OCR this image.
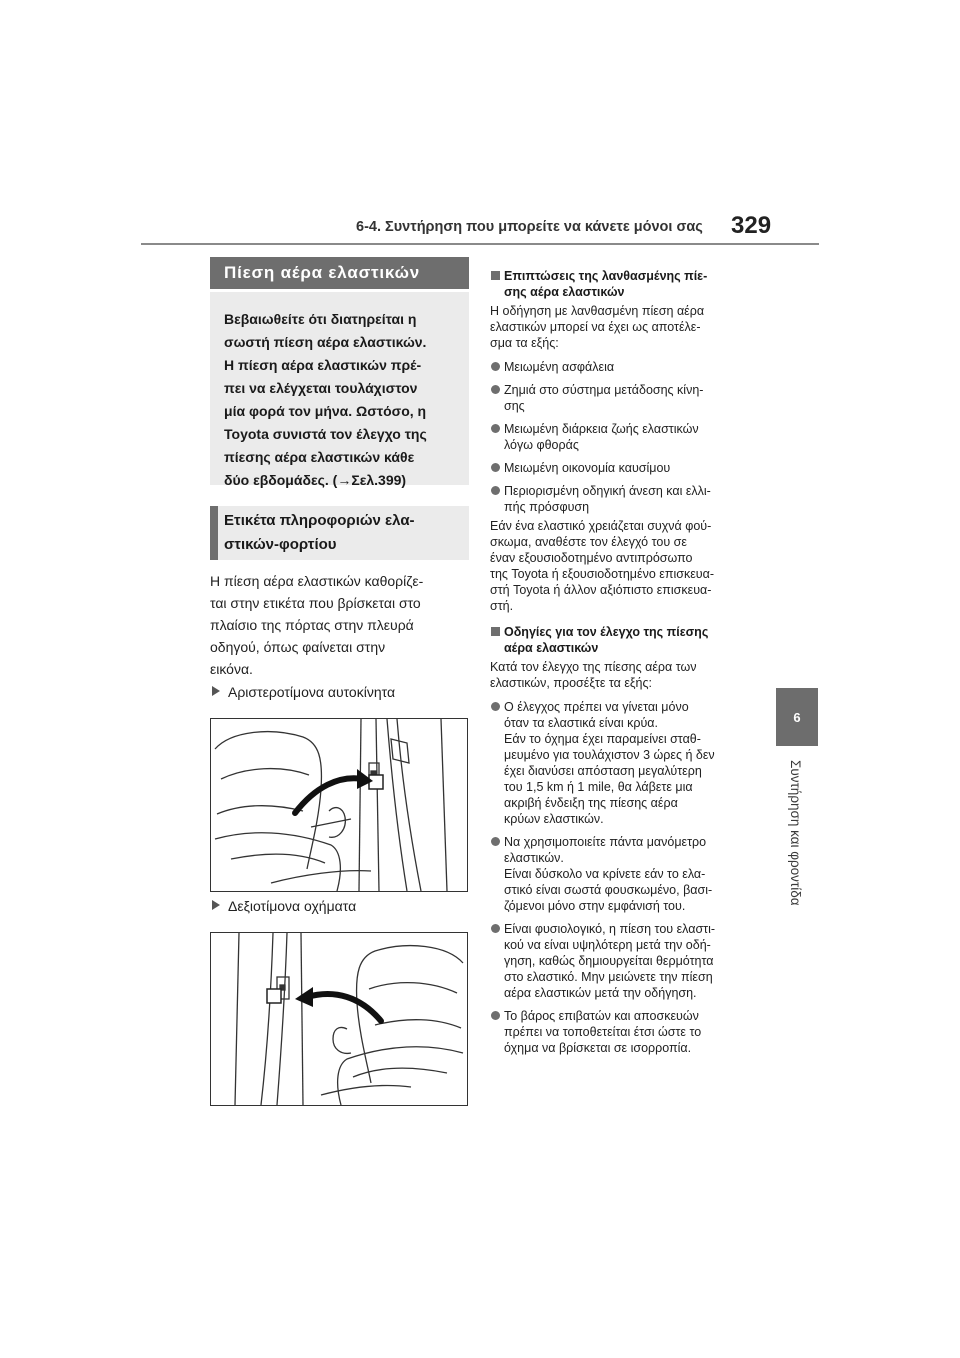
6-4. Συντήρηση που μπορείτε να κάνετε μόνοι σας 329
6
Συντήρηση και φροντίδα
Πίεση αέρα ελαστικών

Βεβαιωθείτε ότι διατηρείται η
σωστή πίεση αέρα ελαστικών.
Η πίεση αέρα ελαστικών πρέ-
πει να ελέγχεται τουλάχιστον
μία φορά τον μήνα. Ωστόσο, η
Toyota συνιστά τον έλεγχο της
πίεσης αέρα ελαστικών κάθε
δύο εβδομάδες. (→Σελ.399)

Ετικέτα πληροφοριών ελα-
στικών-φορτίου
Η πίεση αέρα ελαστικών καθορίζε-
ται στην ετικέτα που βρίσκεται στο
πλαίσιο της πόρτας στην πλευρά
οδηγού, όπως φαίνεται στην
εικόνα.
Αριστεροτίμονα αυτοκίνητα
Δεξιοτίμονα οχήματα
Επιπτώσεις της λανθασμένης πίε-
σης αέρα ελαστικών

Η οδήγηση με λανθασμένη πίεση αέρα
ελαστικών μπορεί να έχει ως αποτέλε-
σμα τα εξής:

Μειωμένη ασφάλεια
Ζημιά στο σύστημα μετάδοσης κίνη-
σης
Μειωμένη διάρκεια ζωής ελαστικών
λόγω φθοράς
Μειωμένη οικονομία καυσίμου
Περιορισμένη οδηγική άνεση και ελλι-
πής πρόσφυση

Εάν ένα ελαστικό χρειάζεται συχνά φού-
σκωμα, αναθέστε τον έλεγχό του σε
έναν εξουσιοδοτημένο αντιπρόσωπο
της Toyota ή εξουσιοδοτημένο επισκευα-
στή Toyota ή άλλον αξιόπιστο επισκευα-
στή.

Οδηγίες για τον έλεγχο της πίεσης
αέρα ελαστικών

Κατά τον έλεγχο της πίεσης αέρα των
ελαστικών, προσέξτε τα εξής:

Ο έλεγχος πρέπει να γίνεται μόνο
όταν τα ελαστικά είναι κρύα.
Εάν το όχημα έχει παραμείνει σταθ-
μευμένο για τουλάχιστον 3 ώρες ή δεν
έχει διανύσει απόσταση μεγαλύτερη
του 1,5 km ή 1 mile, θα λάβετε μια
ακριβή ένδειξη της πίεσης αέρα
κρύων ελαστικών.
Να χρησιμοποιείτε πάντα μανόμετρο
ελαστικών.
Είναι δύσκολο να κρίνετε εάν το ελα-
στικό είναι σωστά φουσκωμένο, βασι-
ζόμενοι μόνο στην εμφάνισή του.
Είναι φυσιολογικό, η πίεση του ελαστι-
κού να είναι υψηλότερη μετά την οδή-
γηση, καθώς δημιουργείται θερμότητα
στο ελαστικό. Μην μειώνετε την πίεση
αέρα ελαστικών μετά την οδήγηση.
Το βάρος επιβατών και αποσκευών
πρέπει να τοποθετείται έτσι ώστε το
όχημα να βρίσκεται σε ισορροπία.
